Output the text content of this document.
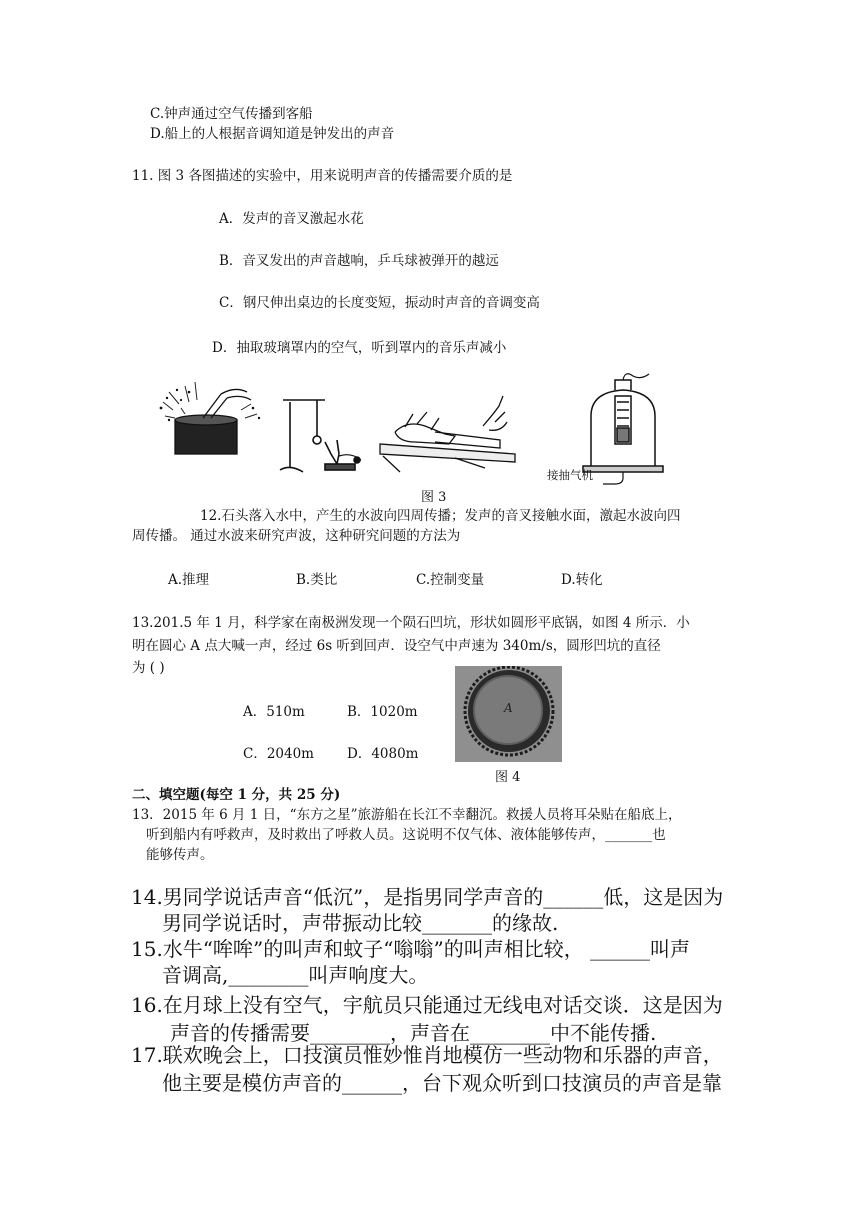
C.钟声通过空气传播到客船
D.船上的人根据音调知道是钟发出的声音
11. 图 3 各图描述的实验中，用来说明声音的传播需要介质的是
A．发声的音叉激起水花
B．音叉发出的声音越响，乒乓球被弹开的越远
C．钢尺伸出桌边的长度变短，振动时声音的音调变高
D．抽取玻璃罩内的空气，听到罩内的音乐声减小
接抽气机
图 3
12.石头落入水中，产生的水波向四周传播；发声的音叉接触水面，激起水波向四
周传播。 通过水波来研究声波，这种研究问题的方法为
A.推理	B.类比	C.控制变量	D.转化
13.201.5 年 1 月，科学家在南极洲发现一个陨石凹坑，形状如圆形平底锅，如图 4 所示．小
明在圆心 A 点大喊一声，经过 6s 听到回声．设空气中声速为 340m/s，圆形凹坑的直径
为 ( )
A．510m	B．1020m
C．2040m D．4080m
A
图 4
二、填空题(每空 1 分，共 25 分)
13．2015 年 6 月 1 日，“东方之星”旅游船在长江不幸翻沉。救援人员将耳朵贴在船底上，
听到船内有呼救声，及时救出了呼救人员。这说明不仅气体、液体能够传声，_______也
能够传声。
14.男同学说话声音“低沉”，是指男同学声音的______低，这是因为
男同学说话时，声带振动比较_______的缘故.
15.水牛“哞哞”的叫声和蚊子“嗡嗡”的叫声相比较， ______叫声
音调高,________叫声响度大。
16.在月球上没有空气，宇航员只能通过无线电对话交谈．这是因为
声音的传播需要________，声音在________中不能传播.
17.联欢晚会上，口技演员惟妙惟肖地模仿一些动物和乐器的声音，
他主要是模仿声音的______，台下观众听到口技演员的声音是靠
